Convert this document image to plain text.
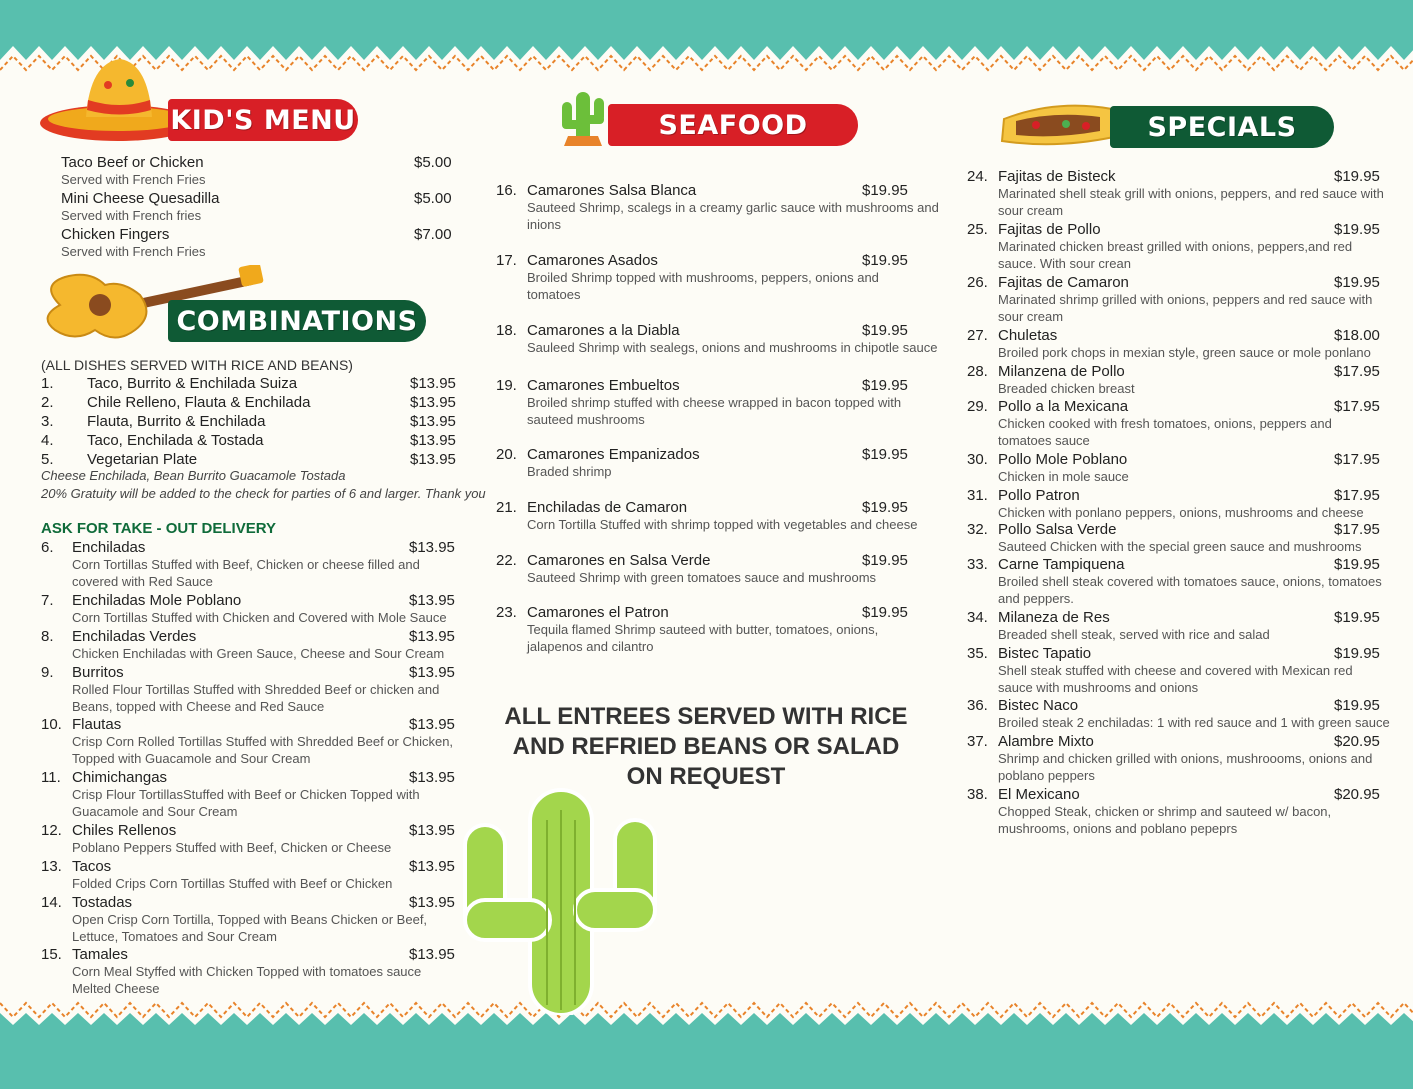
KID'S MENU
Taco Beef or Chicken	$5.00
Served with French Fries
Mini Cheese Quesadilla	$5.00
Served with French fries
Chicken Fingers	$7.00
Served with French Fries
COMBINATIONS
(ALL DISHES SERVED WITH RICE AND BEANS)
1. Taco, Burrito & Enchilada Suiza	$13.95
2. Chile Relleno, Flauta & Enchilada	$13.95
3. Flauta, Burrito & Enchilada	$13.95
4. Taco, Enchilada & Tostada	$13.95
5. Vegetarian Plate	$13.95
Cheese Enchilada, Bean Burrito Guacamole Tostada
20% Gratuity will be added to the check for parties of 6 and larger. Thank you
ASK FOR TAKE - OUT DELIVERY
6. Enchiladas	$13.95
Corn Tortillas Stuffed with Beef, Chicken or cheese filled and
covered with Red Sauce
7. Enchiladas Mole Poblano	$13.95
Corn Tortillas Stuffed with Chicken and Covered with Mole Sauce
8. Enchiladas Verdes	$13.95
Chicken Enchiladas with Green Sauce, Cheese and Sour Cream
9. Burritos	$13.95
Rolled Flour Tortillas Stuffed with Shredded Beef or chicken and
Beans, topped with Cheese and Red Sauce
10. Flautas	$13.95
Crisp Corn Rolled Tortillas Stuffed with Shredded Beef or Chicken,
Topped with Guacamole and Sour Cream
11. Chimichangas	$13.95
Crisp Flour TortillasStuffed with Beef or Chicken Topped with
Guacamole and Sour Cream
12. Chiles Rellenos	$13.95
Poblano Peppers Stuffed with Beef, Chicken or Cheese
13. Tacos	$13.95
Folded Crips Corn Tortillas Stuffed with Beef or Chicken
14. Tostadas	$13.95
Open Crisp Corn Tortilla, Topped with Beans Chicken or Beef,
Lettuce, Tomatoes and Sour Cream
15. Tamales	$13.95
Corn Meal Styffed with Chicken Topped with tomatoes sauce
Melted Cheese
SEAFOOD
16. Camarones Salsa Blanca	$19.95
Sauteed Shrimp, scalegs in a creamy garlic sauce with mushrooms and
inions
17. Camarones Asados	$19.95
Broiled Shrimp topped with mushrooms, peppers, onions and
tomatoes
18. Camarones a la Diabla	$19.95
Sauleed Shrimp with sealegs, onions and mushrooms in chipotle sauce
19. Camarones Embueltos	$19.95
Broiled shrimp stuffed with cheese wrapped in bacon topped with
sauteed mushrooms
20. Camarones Empanizados	$19.95
Braded shrimp
21. Enchiladas de Camaron	$19.95
Corn Tortilla Stuffed with shrimp topped with vegetables and cheese
22. Camarones en Salsa Verde	$19.95
Sauteed Shrimp with green tomatoes sauce and mushrooms
23. Camarones el Patron	$19.95
Tequila flamed Shrimp sauteed with butter, tomatoes, onions,
jalapenos and cilantro
ALL ENTREES SERVED WITH RICE
AND REFRIED BEANS OR SALAD
ON REQUEST
SPECIALS
24. Fajitas de Bisteck	$19.95
Marinated shell steak grill with onions, peppers, and red sauce with
sour cream
25. Fajitas de Pollo	$19.95
Marinated chicken breast grilled with onions, peppers,and red
sauce. With sour crean
26. Fajitas de Camaron	$19.95
Marinated shrimp grilled with onions, peppers and red sauce with
sour cream
27. Chuletas	$18.00
Broiled pork chops in mexian style, green sauce or mole ponlano
28. Milanzena de Pollo	$17.95
Breaded chicken breast
29. Pollo a la Mexicana	$17.95
Chicken cooked with fresh tomatoes, onions, peppers and
tomatoes sauce
30. Pollo Mole Poblano	$17.95
Chicken in mole sauce
31. Pollo Patron	$17.95
Chicken with ponlano peppers, onions, mushrooms and cheese
32. Pollo Salsa Verde	$17.95
Sauteed Chicken with the special green sauce and mushrooms
33. Carne Tampiquena	$19.95
Broiled shell steak covered with tomatoes sauce, onions, tomatoes
and peppers.
34. Milaneza de Res	$19.95
Breaded shell steak, served with rice and salad
35. Bistec Tapatio	$19.95
Shell steak stuffed with cheese and covered with Mexican red
sauce with mushrooms and onions
36. Bistec Naco	$19.95
Broiled steak 2 enchiladas: 1 with red sauce and 1 with green sauce
37. Alambre Mixto	$20.95
Shrimp and chicken grilled with onions, mushroooms, onions and
poblano peppers
38. El Mexicano	$20.95
Chopped Steak, chicken or shrimp and sauteed w/ bacon,
mushrooms, onions and poblano pepeprs
